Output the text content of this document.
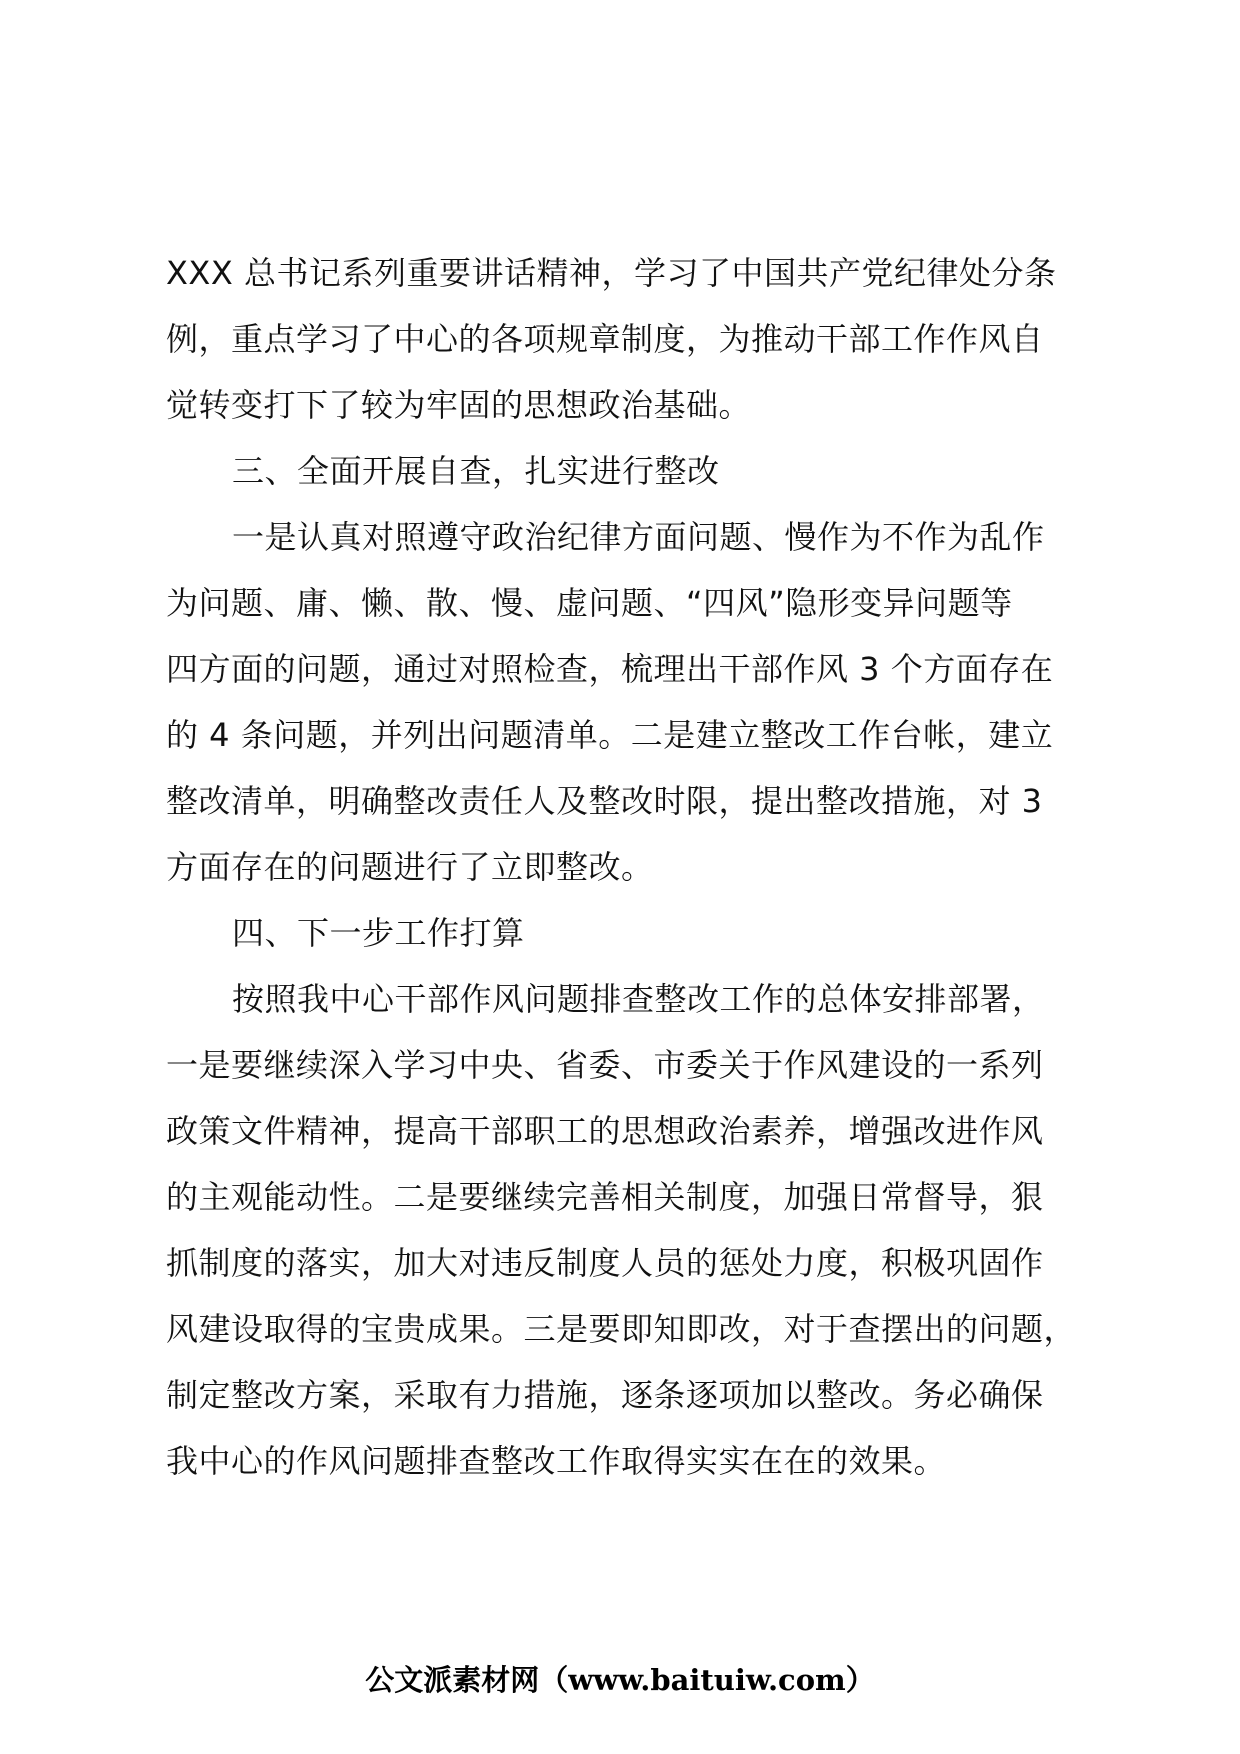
XXX 总书记系列重要讲话精神，学习了中国共产党纪律处分条
例，重点学习了中心的各项规章制度，为推动干部工作作风自
觉转变打下了较为牢固的思想政治基础。
三、全面开展自查，扎实进行整改
一是认真对照遵守政治纪律方面问题、慢作为不作为乱作
为问题、庸、懒、散、慢、虚问题、“四风”隐形变异问题等
四方面的问题，通过对照检查，梳理出干部作风 3 个方面存在
的 4 条问题，并列出问题清单。二是建立整改工作台帐，建立
整改清单，明确整改责任人及整改时限，提出整改措施，对 3
方面存在的问题进行了立即整改。
四、下一步工作打算
按照我中心干部作风问题排查整改工作的总体安排部署，
一是要继续深入学习中央、省委、市委关于作风建设的一系列
政策文件精神，提高干部职工的思想政治素养，增强改进作风
的主观能动性。二是要继续完善相关制度，加强日常督导，狠
抓制度的落实，加大对违反制度人员的惩处力度，积极巩固作
风建设取得的宝贵成果。三是要即知即改，对于查摆出的问题，
制定整改方案，采取有力措施，逐条逐项加以整改。务必确保
我中心的作风问题排查整改工作取得实实在在的效果。
公文派素材网（www.baituiw.com）
